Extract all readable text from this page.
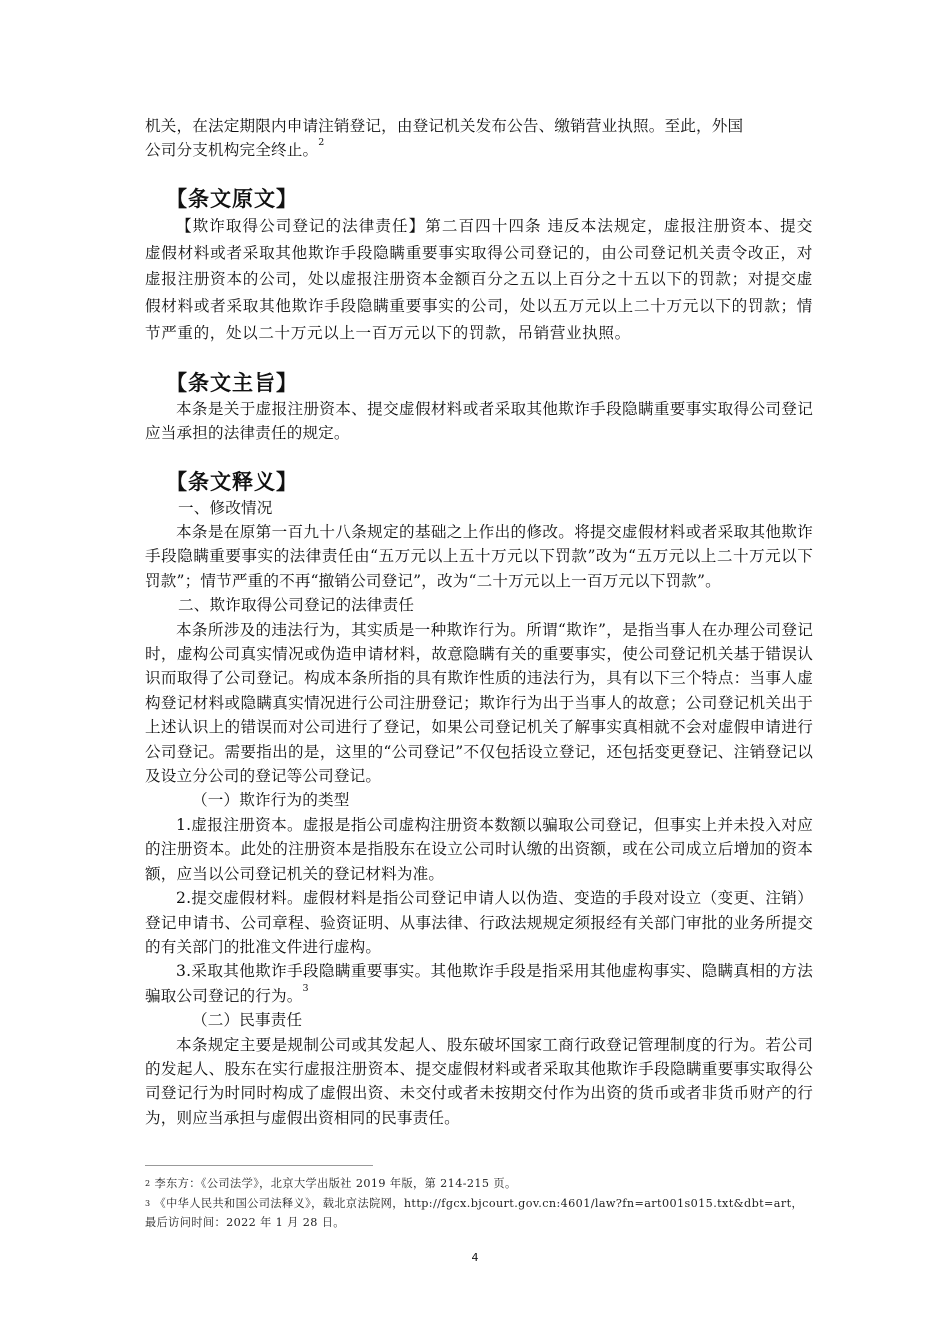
机关，在法定期限内申请注销登记，由登记机关发布公告、缴销营业执照。至此，外国
公司分支机构完全终止。$^2$

【条文原文】

【欺诈取得公司登记的法律责任】第二百四十四条 违反本法规定，虚报注册资本、提交虚假材料或者采取其他欺诈手段隐瞒重要事实取得公司登记的，由公司登记机关责令改正，对虚报注册资本的公司，处以虚报注册资本金额百分之五以上百分之十五以下的罚款；对提交虚假材料或者采取其他欺诈手段隐瞒重要事实的公司，处以五万元以上二十万元以下的罚款；情节严重的，处以二十万元以上一百万元以下的罚款，吊销营业执照。

【条文主旨】

本条是关于虚报注册资本、提交虚假材料或者采取其他欺诈手段隐瞒重要事实取得公司登记应当承担的法律责任的规定。

【条文释义】

一、修改情况

本条是在原第一百九十八条规定的基础之上作出的修改。将提交虚假材料或者采取其他欺诈手段隐瞒重要事实的法律责任由“五万元以上五十万元以下罚款”改为“五万元以上二十万元以下罚款”；情节严重的不再“撤销公司登记”，改为“二十万元以上一百万元以下罚款”。

二、欺诈取得公司登记的法律责任

本条所涉及的违法行为，其实质是一种欺诈行为。所谓“欺诈”，是指当事人在办理公司登记时，虚构公司真实情况或伪造申请材料，故意隐瞒有关的重要事实，使公司登记机关基于错误认识而取得了公司登记。构成本条所指的具有欺诈性质的违法行为，具有以下三个特点：当事人虚构登记材料或隐瞒真实情况进行公司注册登记；欺诈行为出于当事人的故意；公司登记机关出于上述认识上的错误而对公司进行了登记，如果公司登记机关了解事实真相就不会对虚假申请进行公司登记。需要指出的是，这里的“公司登记”不仅包括设立登记，还包括变更登记、注销登记以及设立分公司的登记等公司登记。

（一）欺诈行为的类型

1.虚报注册资本。虚报是指公司虚构注册资本数额以骗取公司登记，但事实上并未投入对应的注册资本。此处的注册资本是指股东在设立公司时认缴的出资额，或在公司成立后增加的资本额，应当以公司登记机关的登记材料为准。

2.提交虚假材料。虚假材料是指公司登记申请人以伪造、变造的手段对设立（变更、注销）登记申请书、公司章程、验资证明、从事法律、行政法规规定须报经有关部门审批的业务所提交的有关部门的批准文件进行虚构。

3.采取其他欺诈手段隐瞒重要事实。其他欺诈手段是指采用其他虚构事实、隐瞒真相的方法骗取公司登记的行为。$^3$

（二）民事责任

本条规定主要是规制公司或其发起人、股东破坏国家工商行政登记管理制度的行为。若公司的发起人、股东在实行虚报注册资本、提交虚假材料或者采取其他欺诈手段隐瞒重要事实取得公司登记行为时同时构成了虚假出资、未交付或者未按期交付作为出资的货币或者非货币财产的行为，则应当承担与虚假出资相同的民事责任。

$^2$ 李东方：《公司法学》，北京大学出版社 2019 年版，第 214-215 页。

$^3$ 《中华人民共和国公司法释义》，载北京法院网，http://fgcx.bjcourt.gov.cn:4601/law?fn=art001s015.txt&dbt=art，最后访问时间：2022 年 1 月 28 日。

4
